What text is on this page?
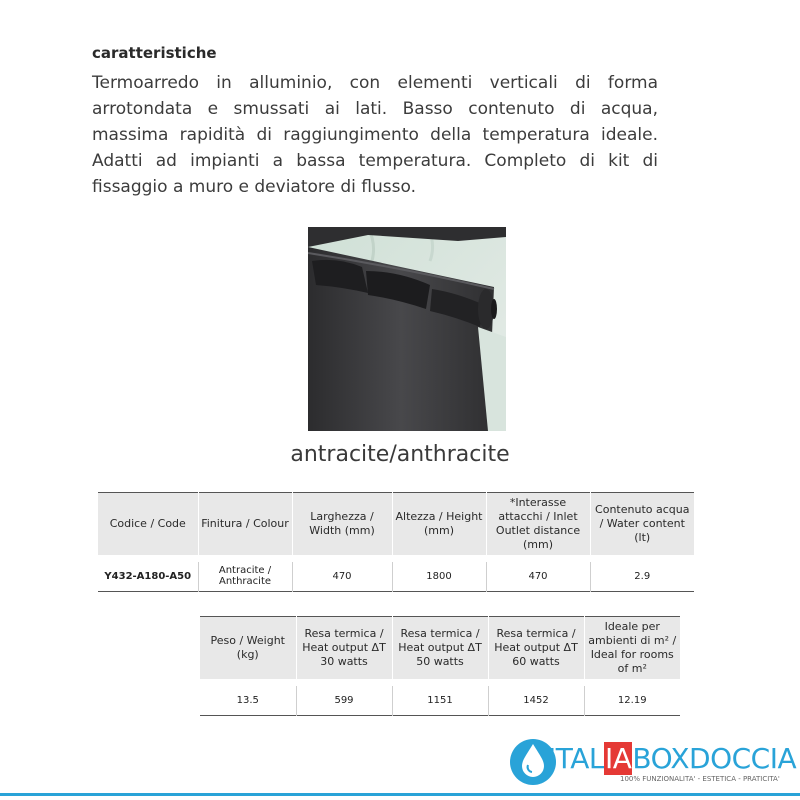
caratteristiche
Termoarredo in alluminio, con elementi verticali di forma arrotondata e smussati ai lati. Basso contenuto di acqua, massima rapidità di raggiungimento della temperatura ideale. Adatti ad impianti a bassa temperatura. Completo di kit di fissaggio a muro e deviatore di flusso.
antracite/anthracite
Codice / Code	Finitura / Colour	Larghezza / Width (mm)	Altezza / Height (mm)	*Interasse attacchi / Inlet Outlet distance (mm)	Contenuto acqua / Water content (lt)

Y432-A180-A50	Antracite / Anthracite	470	1800	470	2.9
Peso / Weight (kg)	Resa termica / Heat output ΔT 30 watts	Resa termica / Heat output ΔT 50 watts	Resa termica / Heat output ΔT 60 watts	Ideale per ambienti di m² / Ideal for rooms of m²

13.5	599	1151	1452	12.19
ITALIABOXDOCCIA
100% FUNZIONALITA' - ESTETICA - PRATICITA'
